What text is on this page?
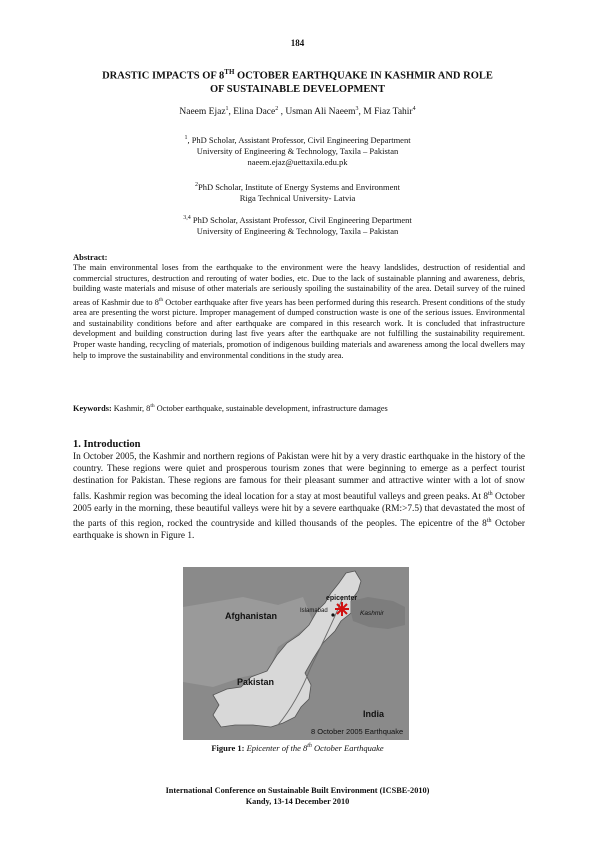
184
DRASTIC IMPACTS OF 8TH OCTOBER EARTHQUAKE IN KASHMIR AND ROLE
OF SUSTAINABLE DEVELOPMENT
Naeem Ejaz$^1$, Elina Dace$^2$ , Usman Ali Naeem$^3$, M Fiaz Tahir$^4$
$^1$, PhD Scholar, Assistant Professor, Civil Engineering Department
University of Engineering & Technology, Taxila – Pakistan
naeem.ejaz@uettaxila.edu.pk
$^2$PhD Scholar, Institute of Energy Systems and Environment
Riga Technical University- Latvia
$^{3,4}$ PhD Scholar, Assistant Professor, Civil Engineering Department
University of Engineering & Technology, Taxila – Pakistan
Abstract:
The main environmental loses from the earthquake to the environment were the heavy landslides, destruction of residential and commercial structures, destruction and rerouting of water bodies, etc. Due to the lack of sustainable planning and awareness, debris, building waste materials and misuse of other materials are seriously spoiling the sustainability of the area. Detail survey of the ruined areas of Kashmir due to 8th October earthquake after five years has been performed during this research. Present conditions of the study area are presenting the worst picture. Improper management of dumped construction waste is one of the serious issues. Environmental and sustainability conditions before and after earthquake are compared in this research work. It is concluded that infrastructure development and building construction during last five years after the earthquake are not fulfilling the sustainability requirement. Proper waste handing, recycling of materials, promotion of indigenous building materials and awareness among the local dwellers may help to improve the sustainability and environmental conditions in the study area.
Keywords: Kashmir, 8th October earthquake, sustainable development, infrastructure damages
1. Introduction
In October 2005, the Kashmir and northern regions of Pakistan were hit by a very drastic earthquake in the history of the country. These regions were quiet and prosperous tourism zones that were beginning to emerge as a perfect tourist destination for Pakistan. These regions are famous for their pleasant summer and attractive winter with a lot of snow falls. Kashmir region was becoming the ideal location for a stay at most beautiful valleys and green peaks. At 8th October 2005 early in the morning, these beautiful valleys were hit by a severe earthquake (RM:>7.5) that devastated the most of the parts of this region, rocked the countryside and killed thousands of the peoples. The epicentre of the 8th October earthquake is shown in Figure 1.
epicenter
Islamabad	Kashmir
Afghanistan
Pakistan
India
8 October 2005 Earthquake
Figure 1: Epicenter of the 8th October Earthquake
International Conference on Sustainable Built Environment (ICSBE-2010)
Kandy, 13-14 December 2010
